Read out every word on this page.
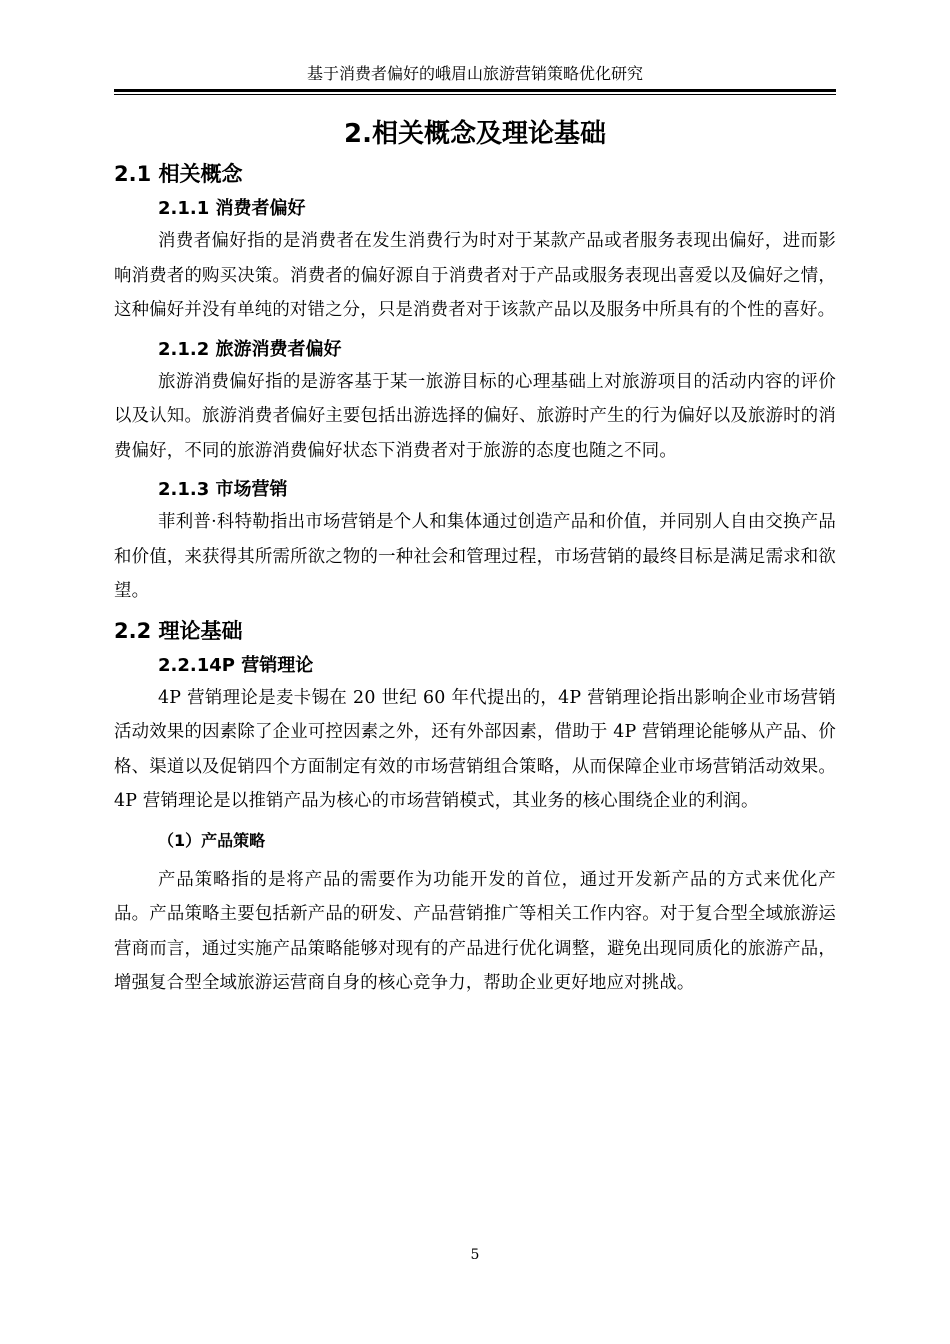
基于消费者偏好的峨眉山旅游营销策略优化研究
2.相关概念及理论基础
2.1 相关概念
2.1.1 消费者偏好

消费者偏好指的是消费者在发生消费行为时对于某款产品或者服务表现出偏好，进而影响消费者的购买决策。消费者的偏好源自于消费者对于产品或服务表现出喜爱以及偏好之情，这种偏好并没有单纯的对错之分，只是消费者对于该款产品以及服务中所具有的个性的喜好。

2.1.2 旅游消费者偏好

旅游消费偏好指的是游客基于某一旅游目标的心理基础上对旅游项目的活动内容的评价以及认知。旅游消费者偏好主要包括出游选择的偏好、旅游时产生的行为偏好以及旅游时的消费偏好，不同的旅游消费偏好状态下消费者对于旅游的态度也随之不同。

2.1.3 市场营销

菲利普·科特勒指出市场营销是个人和集体通过创造产品和价值，并同别人自由交换产品和价值，来获得其所需所欲之物的一种社会和管理过程，市场营销的最终目标是满足需求和欲望。

2.2 理论基础
2.2.14P 营销理论

4P 营销理论是麦卡锡在 20 世纪 60 年代提出的，4P 营销理论指出影响企业市场营销活动效果的因素除了企业可控因素之外，还有外部因素，借助于 4P 营销理论能够从产品、价格、渠道以及促销四个方面制定有效的市场营销组合策略，从而保障企业市场营销活动效果。4P 营销理论是以推销产品为核心的市场营销模式，其业务的核心围绕企业的利润。

（1）产品策略

产品策略指的是将产品的需要作为功能开发的首位，通过开发新产品的方式来优化产品。产品策略主要包括新产品的研发、产品营销推广等相关工作内容。对于复合型全域旅游运营商而言，通过实施产品策略能够对现有的产品进行优化调整，避免出现同质化的旅游产品，增强复合型全域旅游运营商自身的核心竞争力，帮助企业更好地应对挑战。

5
